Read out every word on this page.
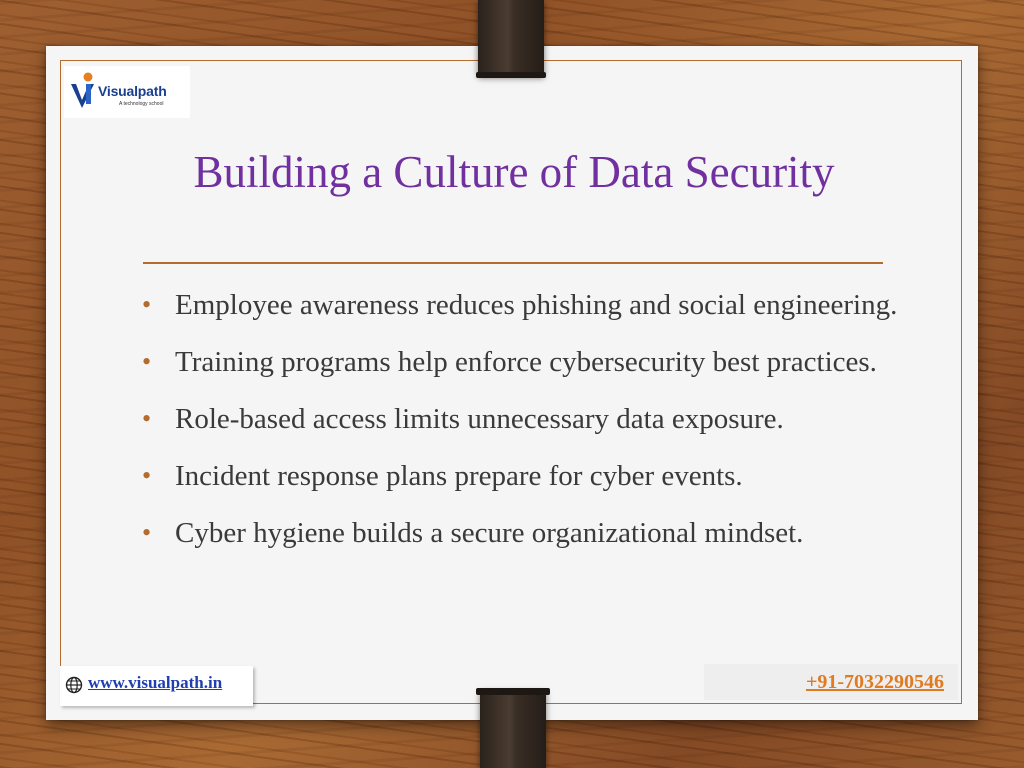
Visualpath
A technology school
Building a Culture of Data Security
• Employee awareness reduces phishing and social engineering.
• Training programs help enforce cybersecurity best practices.
• Role-based access limits unnecessary data exposure.
• Incident response plans prepare for cyber events.
• Cyber hygiene builds a secure organizational mindset.
www.visualpath.in	+91-7032290546
